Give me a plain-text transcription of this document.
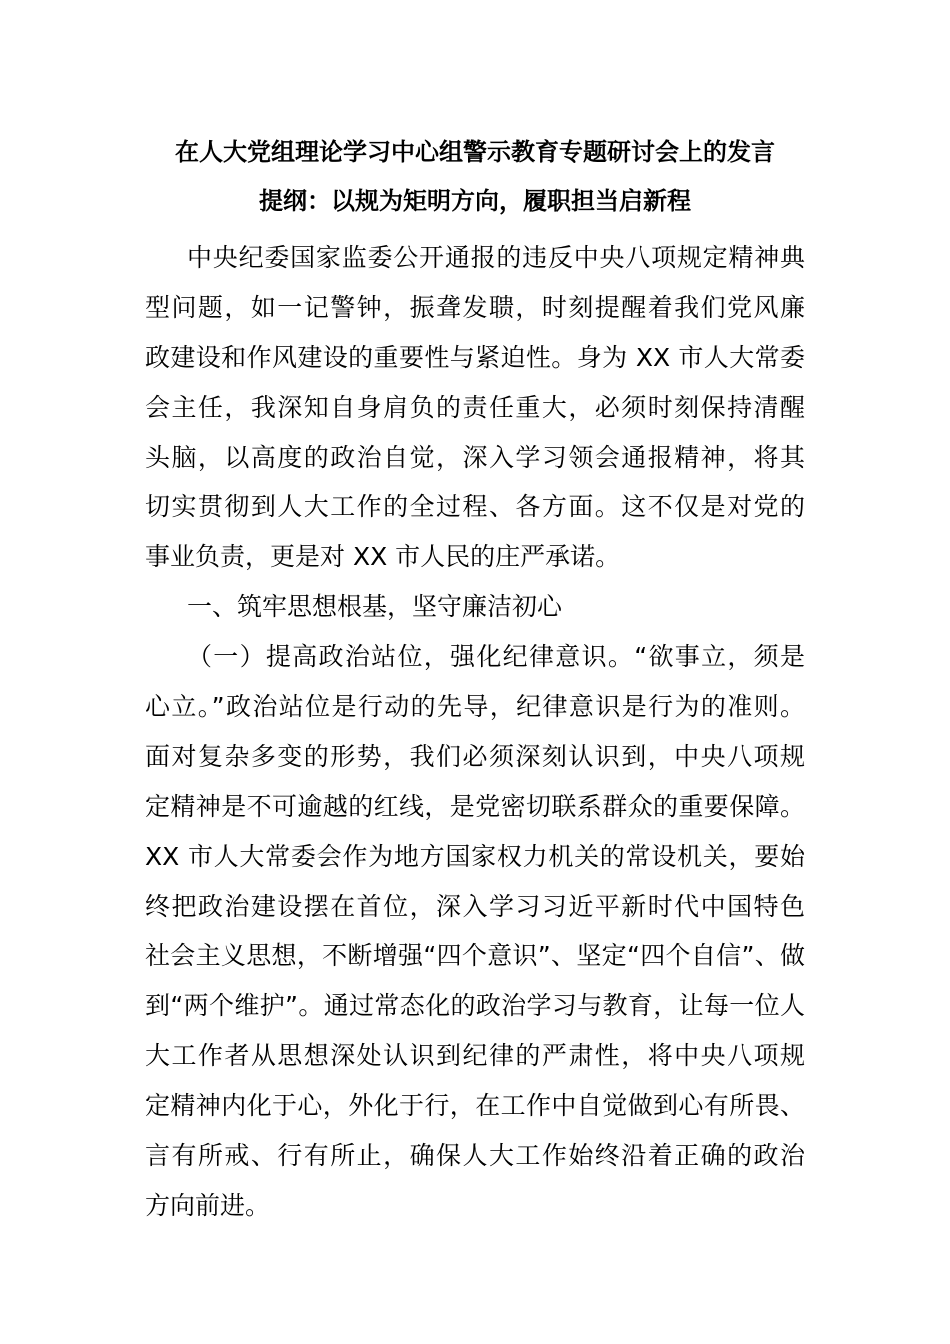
在人大党组理论学习中心组警示教育专题研讨会上的发言
提纲：以规为矩明方向，履职担当启新程
中央纪委国家监委公开通报的违反中央八项规定精神典
型问题，如一记警钟，振聋发聩，时刻提醒着我们党风廉
政建设和作风建设的重要性与紧迫性。身为 XX 市人大常委
会主任，我深知自身肩负的责任重大，必须时刻保持清醒
头脑，以高度的政治自觉，深入学习领会通报精神，将其
切实贯彻到人大工作的全过程、各方面。这不仅是对党的
事业负责，更是对 XX 市人民的庄严承诺。
一、筑牢思想根基，坚守廉洁初心
（一）提高政治站位，强化纪律意识。“欲事立，须是
心立。”政治站位是行动的先导，纪律意识是行为的准则。
面对复杂多变的形势，我们必须深刻认识到，中央八项规
定精神是不可逾越的红线，是党密切联系群众的重要保障。
XX 市人大常委会作为地方国家权力机关的常设机关，要始
终把政治建设摆在首位，深入学习习近平新时代中国特色
社会主义思想，不断增强“四个意识”、坚定“四个自信”、做
到“两个维护”。通过常态化的政治学习与教育，让每一位人
大工作者从思想深处认识到纪律的严肃性，将中央八项规
定精神内化于心，外化于行，在工作中自觉做到心有所畏、
言有所戒、行有所止，确保人大工作始终沿着正确的政治
方向前进。
